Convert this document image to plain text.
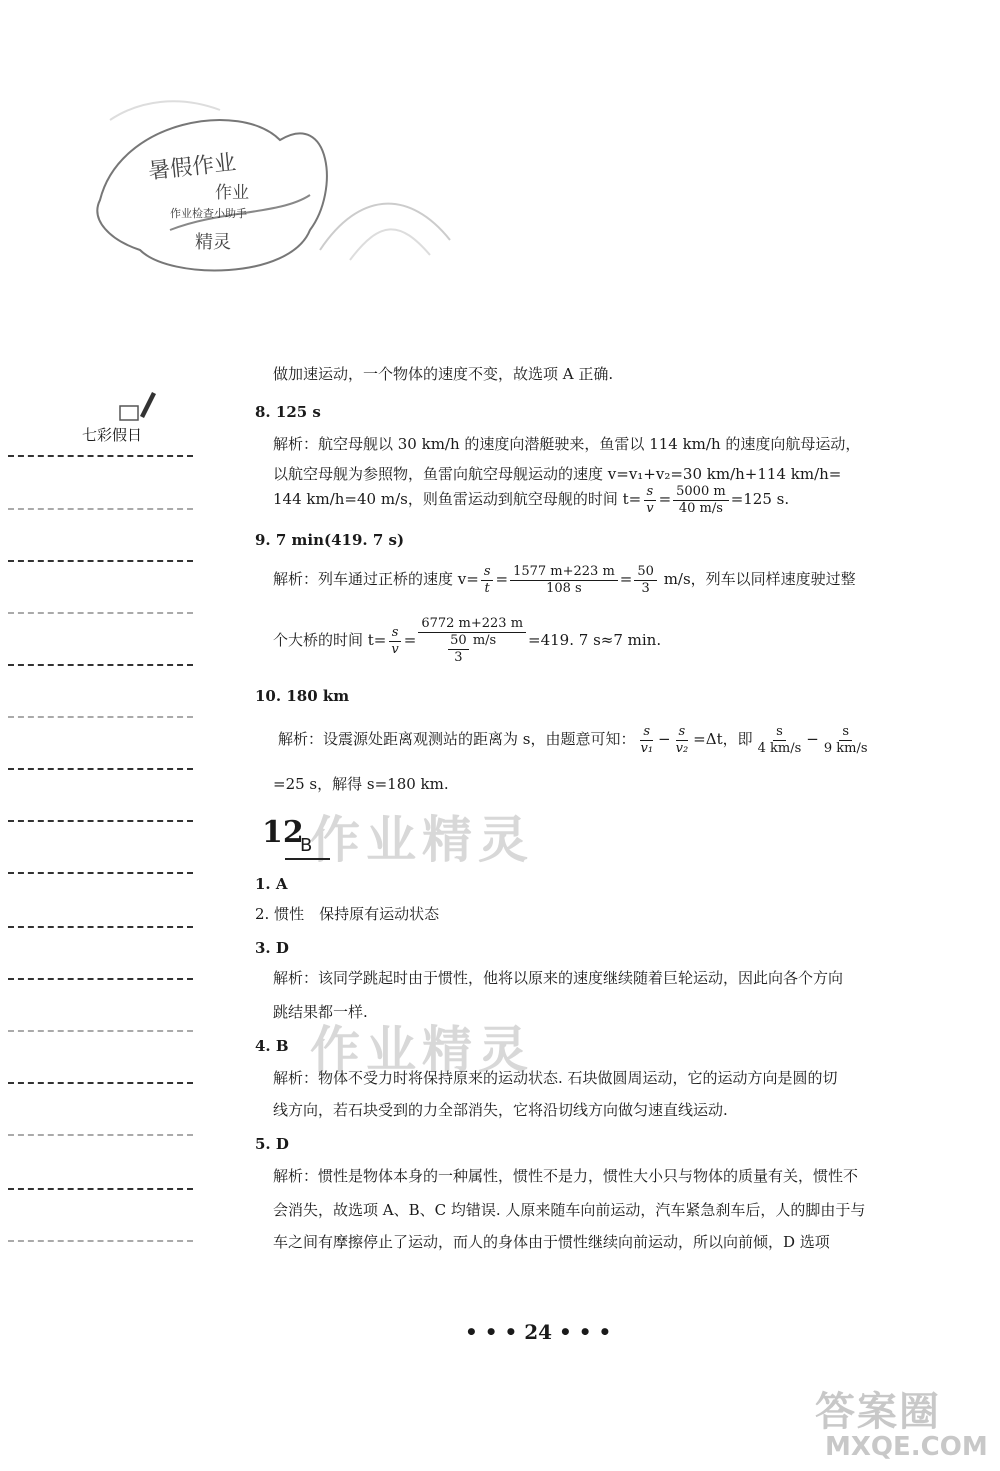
暑假作业
作业
作业检查小助手
精灵
七彩假日
做加速运动，一个物体的速度不变，故选项 A 正确.
8. 125 s
解析：航空母舰以 30 km/h 的速度向潜艇驶来，鱼雷以 114 km/h 的速度向航母运动，
以航空母舰为参照物，鱼雷向航空母舰运动的速度 v=v₁+v₂=30 km/h+114 km/h=
144 km/h=40 m/s，则鱼雷运动到航空母舰的时间 $t= \frac{s}{v} = \frac{5000 m}{40 m/s} =125$ s.
9. 7 min(419. 7 s)
解析：列车通过正桥的速度 $v= \frac{s}{t} = \frac{1577 m+223 m}{108 s} = \frac{50}{3} m/s$，列车以同样速度驶过整
个大桥的时间 $t= \frac{s}{v} = \frac{6772 m+223 m}{\frac{50}{3} m/s} =419$. 7 s≈7 min.
10. 180 km
解析：设震源处距离观测站的距离为 s，由题意可知： $\frac{s}{\text{v₁}} - \frac{s}{\text{v₂}} =\Delta t$，即 $\frac{s}{4 km/s} - \frac{s}{9 km/s}$
=25 s，解得 s=180 km.
作业精灵
12
B
1. A
2. 惯性　保持原有运动状态
3. D
解析：该同学跳起时由于惯性，他将以原来的速度继续随着巨轮运动，因此向各个方向
跳结果都一样.
作业精灵
4. B
解析：物体不受力时将保持原来的运动状态. 石块做圆周运动，它的运动方向是圆的切
线方向，若石块受到的力全部消失，它将沿切线方向做匀速直线运动.
5. D
解析：惯性是物体本身的一种属性，惯性不是力，惯性大小只与物体的质量有关，惯性不
会消失，故选项 A、B、C 均错误. 人原来随车向前运动，汽车紧急刹车后，人的脚由于与
车之间有摩擦停止了运动，而人的身体由于惯性继续向前运动，所以向前倾，D 选项
• • • 24 • • •
答案圈
MXQE.COM
